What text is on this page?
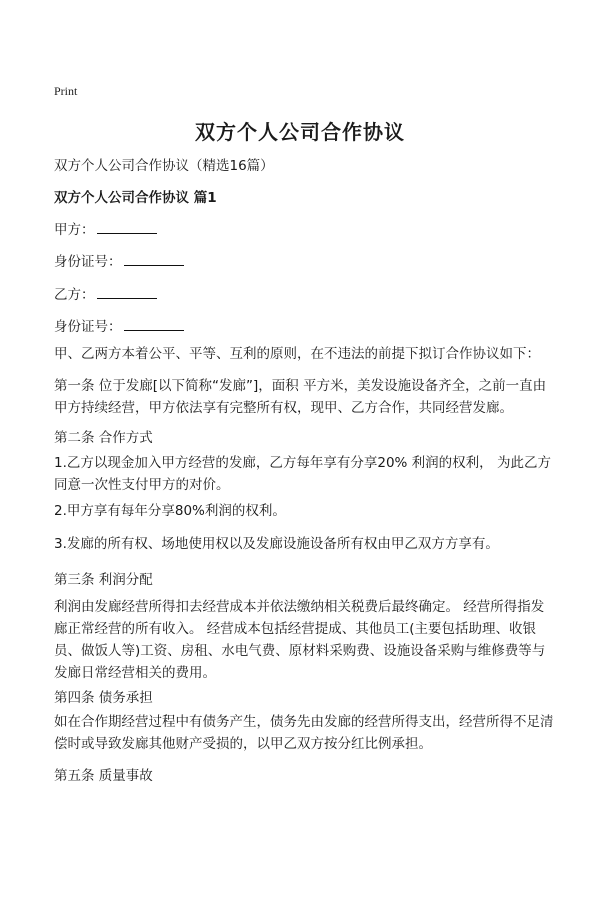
Print
双方个人公司合作协议
双方个人公司合作协议（精选16篇）
双方个人公司合作协议 篇1
甲方：
身份证号：
乙方：
身份证号：

甲、乙两方本着公平、平等、互利的原则，在不违法的前提下拟订合作协议如下：

第一条 位于发廊[以下简称“发廊”]，面积 平方米，美发设施设备齐全，之前一直由甲方持续经营，甲方依法享有完整所有权，现甲、乙方合作，共同经营发廊。

第二条 合作方式

1.乙方以现金加入甲方经营的发廊，乙方每年享有分享20% 利润的权利， 为此乙方同意一次性支付甲方的对价。

2.甲方享有每年分享80%利润的权利。

3.发廊的所有权、场地使用权以及发廊设施设备所有权由甲乙双方方享有。

第三条 利润分配

利润由发廊经营所得扣去经营成本并依法缴纳相关税费后最终确定。 经营所得指发廊正常经营的所有收入。 经营成本包括经营提成、其他员工(主要包括助理、收银员、做饭人等)工资、房租、水电气费、原材料采购费、设施设备采购与维修费等与发廊日常经营相关的费用。

第四条 债务承担

如在合作期经营过程中有债务产生，债务先由发廊的经营所得支出，经营所得不足清偿时或导致发廊其他财产受损的，以甲乙双方按分红比例承担。

第五条 质量事故
